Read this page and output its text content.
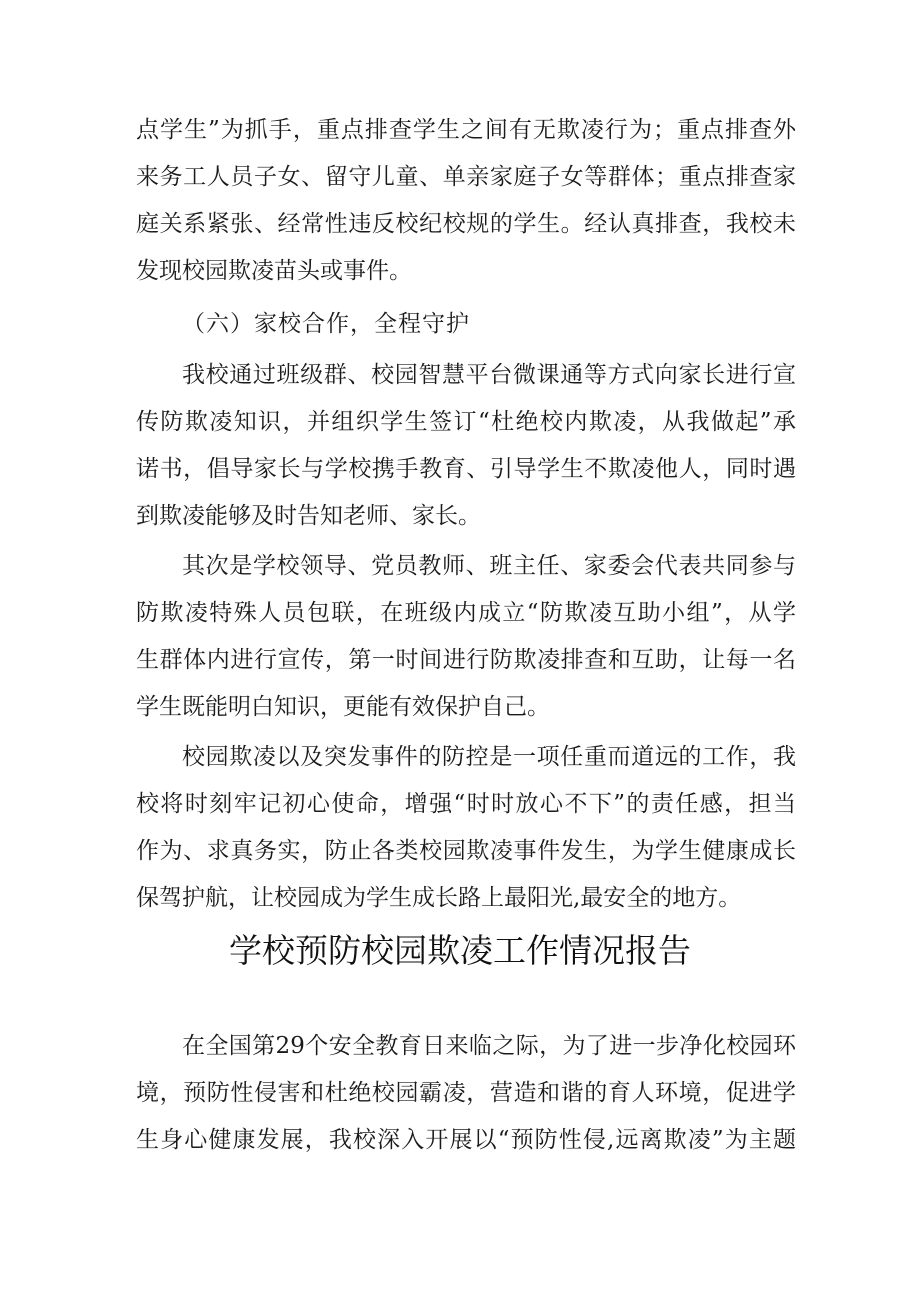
点学生”为抓手，重点排查学生之间有无欺凌行为；重点排查外
来务工人员子女、留守儿童、单亲家庭子女等群体；重点排查家
庭关系紧张、经常性违反校纪校规的学生。经认真排查，我校未
发现校园欺凌苗头或事件。
（六）家校合作，全程守护
我校通过班级群、校园智慧平台微课通等方式向家长进行宣
传防欺凌知识，并组织学生签订“杜绝校内欺凌，从我做起”承
诺书，倡导家长与学校携手教育、引导学生不欺凌他人，同时遇
到欺凌能够及时告知老师、家长。
其次是学校领导、党员教师、班主任、家委会代表共同参与
防欺凌特殊人员包联，在班级内成立“防欺凌互助小组”，从学
生群体内进行宣传，第一时间进行防欺凌排查和互助，让每一名
学生既能明白知识，更能有效保护自己。
校园欺凌以及突发事件的防控是一项任重而道远的工作，我
校将时刻牢记初心使命，增强“时时放心不下”的责任感，担当
作为、求真务实，防止各类校园欺凌事件发生，为学生健康成长
保驾护航，让校园成为学生成长路上最阳光,最安全的地方。
学校预防校园欺凌工作情况报告
在全国第29个安全教育日来临之际，为了进一步净化校园环
境，预防性侵害和杜绝校园霸凌，营造和谐的育人环境，促进学
生身心健康发展，我校深入开展以“预防性侵,远离欺凌”为主题
